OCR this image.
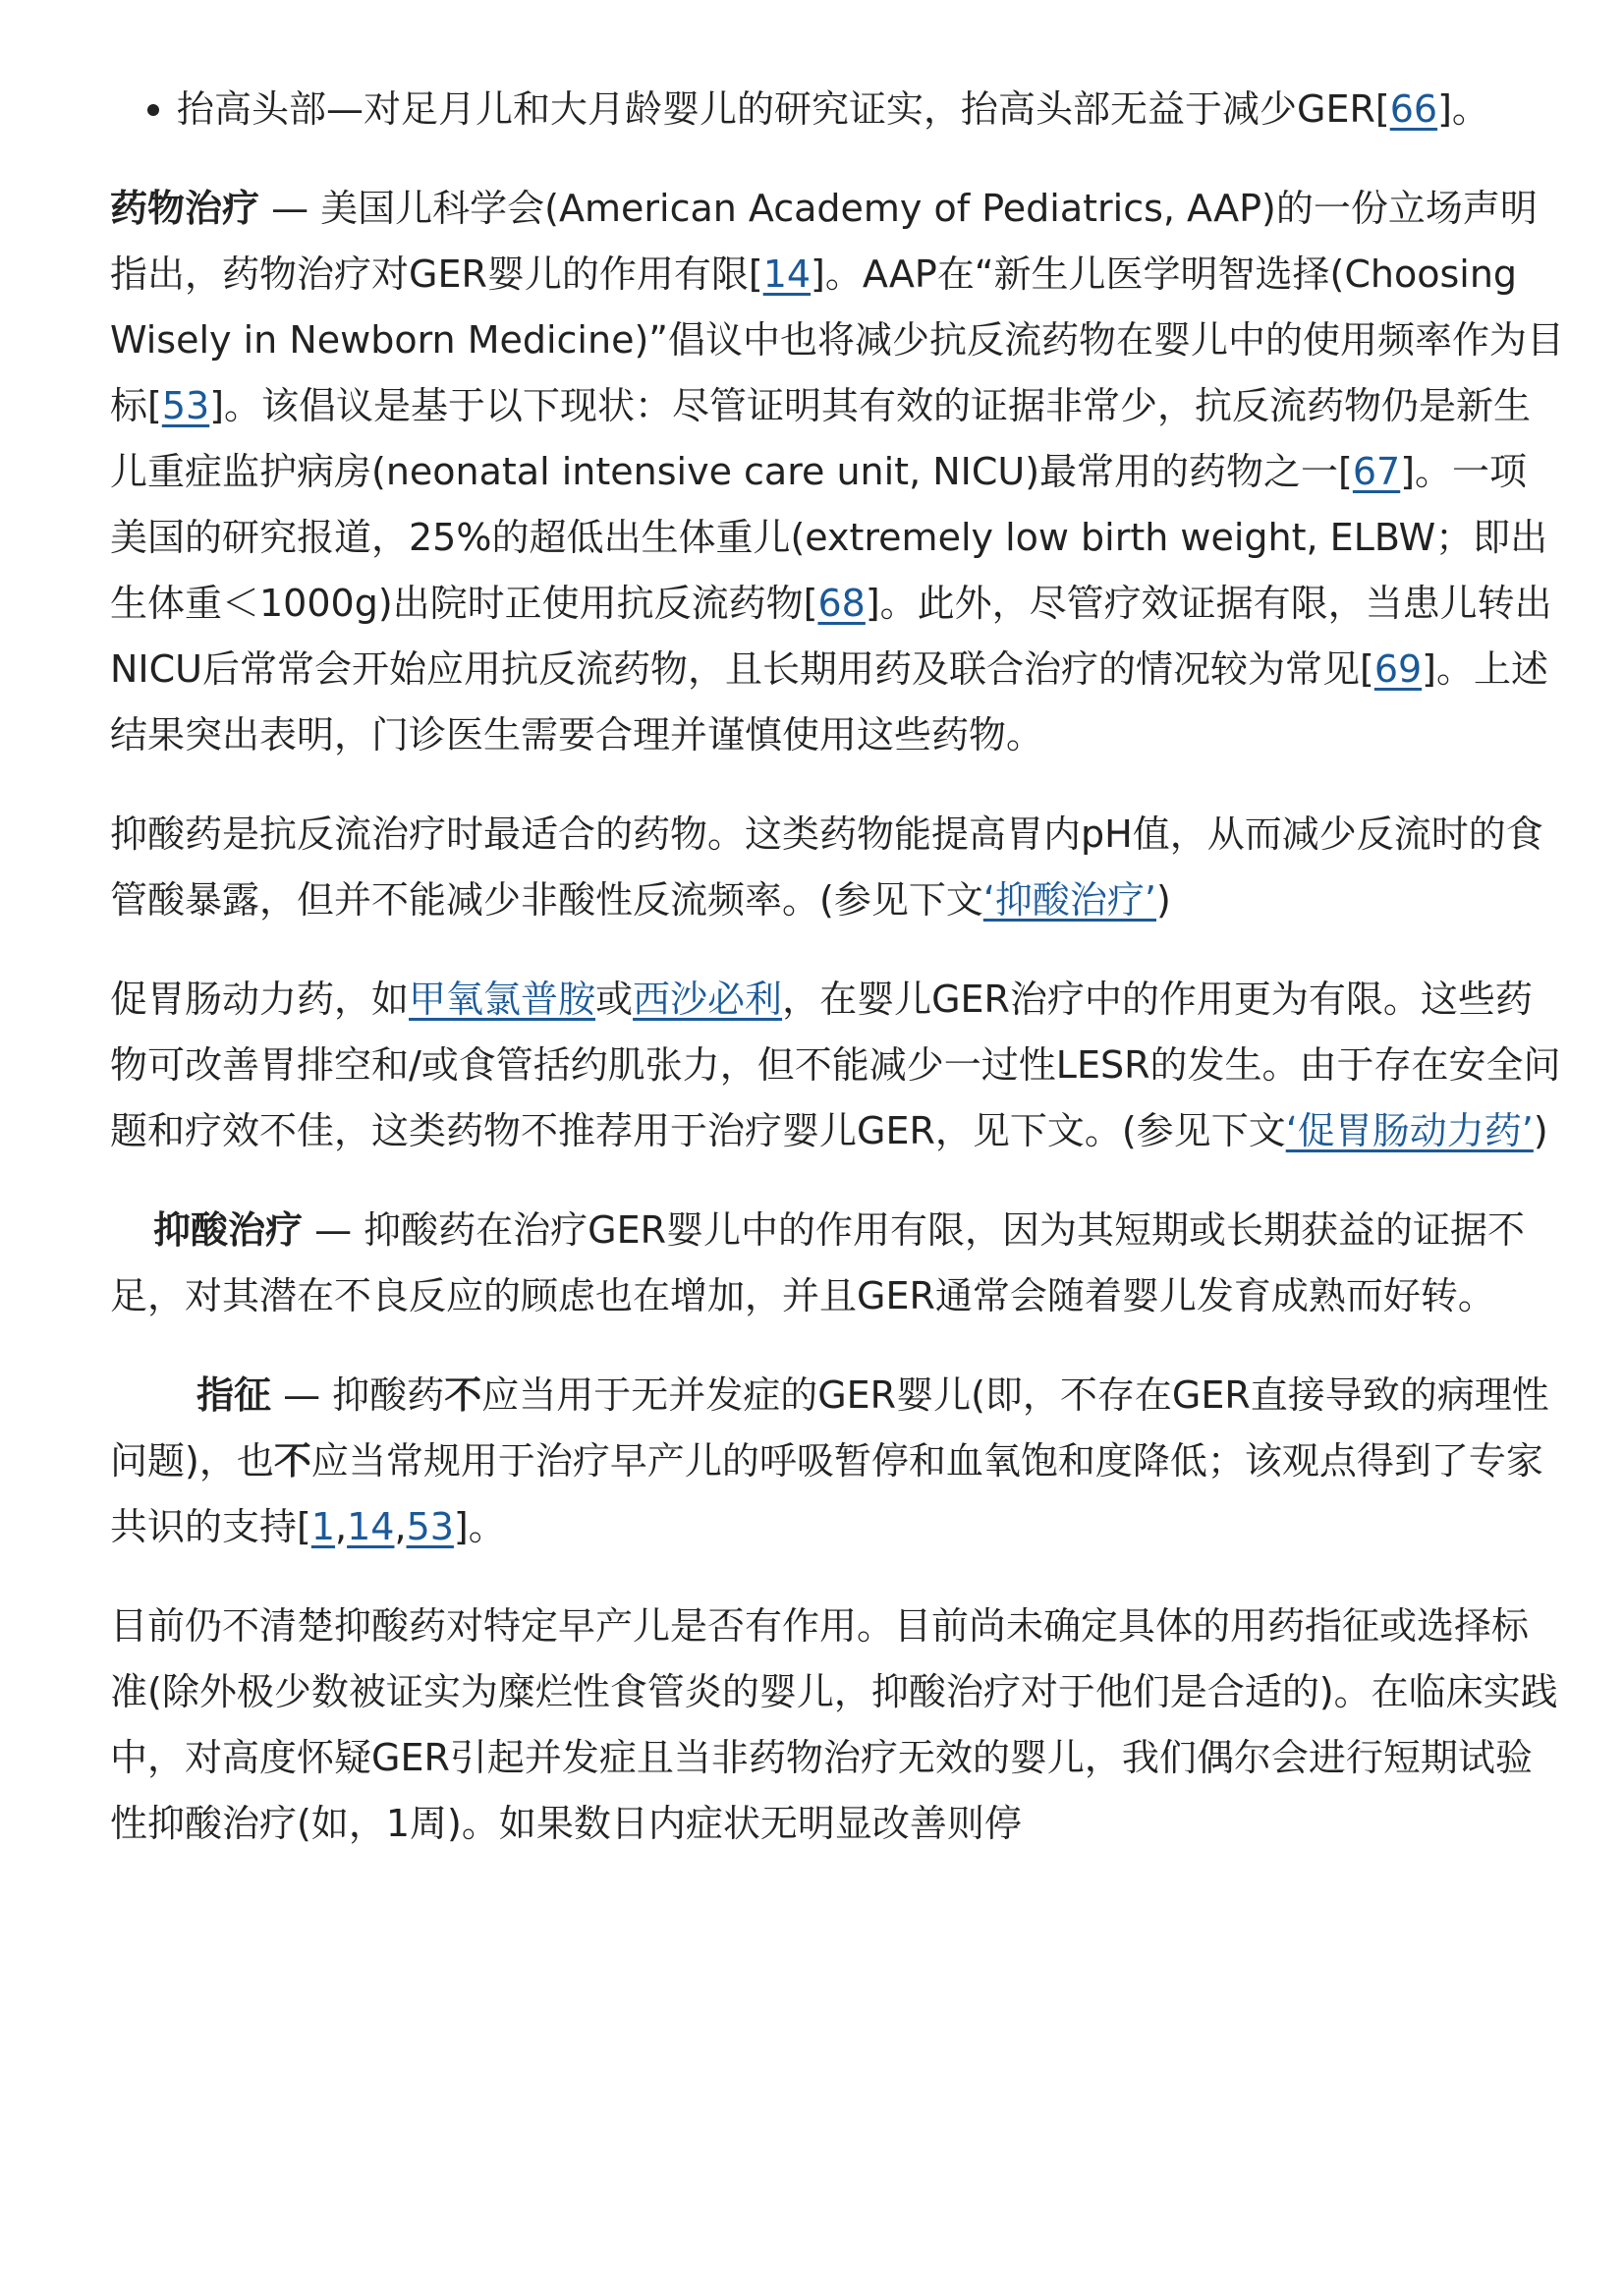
抬高头部—对足月儿和大月龄婴儿的研究证实，抬高头部无益于减少GER[66]。

药物治疗 — 美国儿科学会(American Academy of Pediatrics, AAP)的一份立场声明指出，药物治疗对GER婴儿的作用有限[14]。AAP在“新生儿医学明智选择(Choosing Wisely in Newborn Medicine)”倡议中也将减少抗反流药物在婴儿中的使用频率作为目标[53]。该倡议是基于以下现状：尽管证明其有效的证据非常少，抗反流药物仍是新生儿重症监护病房(neonatal intensive care unit, NICU)最常用的药物之一[67]。一项美国的研究报道，25%的超低出生体重儿(extremely low birth weight, ELBW；即出生体重＜1000g)出院时正使用抗反流药物[68]。此外，尽管疗效证据有限，当患儿转出NICU后常常会开始应用抗反流药物，且长期用药及联合治疗的情况较为常见[69]。上述结果突出表明，门诊医生需要合理并谨慎使用这些药物。

抑酸药是抗反流治疗时最适合的药物。这类药物能提高胃内pH值，从而减少反流时的食管酸暴露，但并不能减少非酸性反流频率。(参见下文‘抑酸治疗’)

促胃肠动力药，如甲氧氯普胺或西沙必利，在婴儿GER治疗中的作用更为有限。这些药物可改善胃排空和/或食管括约肌张力，但不能减少一过性LESR的发生。由于存在安全问题和疗效不佳，这类药物不推荐用于治疗婴儿GER，见下文。(参见下文‘促胃肠动力药’)

抑酸治疗 — 抑酸药在治疗GER婴儿中的作用有限，因为其短期或长期获益的证据不足，对其潜在不良反应的顾虑也在增加，并且GER通常会随着婴儿发育成熟而好转。

指征 — 抑酸药不应当用于无并发症的GER婴儿(即，不存在GER直接导致的病理性问题)，也不应当常规用于治疗早产儿的呼吸暂停和血氧饱和度降低；该观点得到了专家共识的支持[1,14,53]。

目前仍不清楚抑酸药对特定早产儿是否有作用。目前尚未确定具体的用药指征或选择标准(除外极少数被证实为糜烂性食管炎的婴儿，抑酸治疗对于他们是合适的)。在临床实践中，对高度怀疑GER引起并发症且当非药物治疗无效的婴儿，我们偶尔会进行短期试验性抑酸治疗(如，1周)。如果数日内症状无明显改善则停
